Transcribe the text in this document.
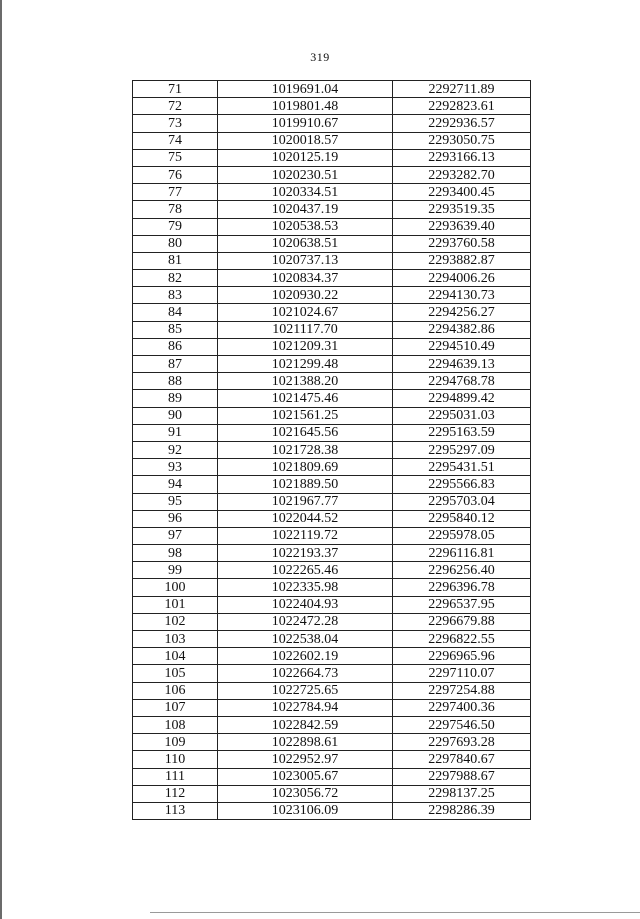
319
71	1019691.04	2292711.89
72	1019801.48	2292823.61
73	1019910.67	2292936.57
74	1020018.57	2293050.75
75	1020125.19	2293166.13
76	1020230.51	2293282.70
77	1020334.51	2293400.45
78	1020437.19	2293519.35
79	1020538.53	2293639.40
80	1020638.51	2293760.58
81	1020737.13	2293882.87
82	1020834.37	2294006.26
83	1020930.22	2294130.73
84	1021024.67	2294256.27
85	1021117.70	2294382.86
86	1021209.31	2294510.49
87	1021299.48	2294639.13
88	1021388.20	2294768.78
89	1021475.46	2294899.42
90	1021561.25	2295031.03
91	1021645.56	2295163.59
92	1021728.38	2295297.09
93	1021809.69	2295431.51
94	1021889.50	2295566.83
95	1021967.77	2295703.04
96	1022044.52	2295840.12
97	1022119.72	2295978.05
98	1022193.37	2296116.81
99	1022265.46	2296256.40
100	1022335.98	2296396.78
101	1022404.93	2296537.95
102	1022472.28	2296679.88
103	1022538.04	2296822.55
104	1022602.19	2296965.96
105	1022664.73	2297110.07
106	1022725.65	2297254.88
107	1022784.94	2297400.36
108	1022842.59	2297546.50
109	1022898.61	2297693.28
110	1022952.97	2297840.67
111	1023005.67	2297988.67
112	1023056.72	2298137.25
113	1023106.09	2298286.39
